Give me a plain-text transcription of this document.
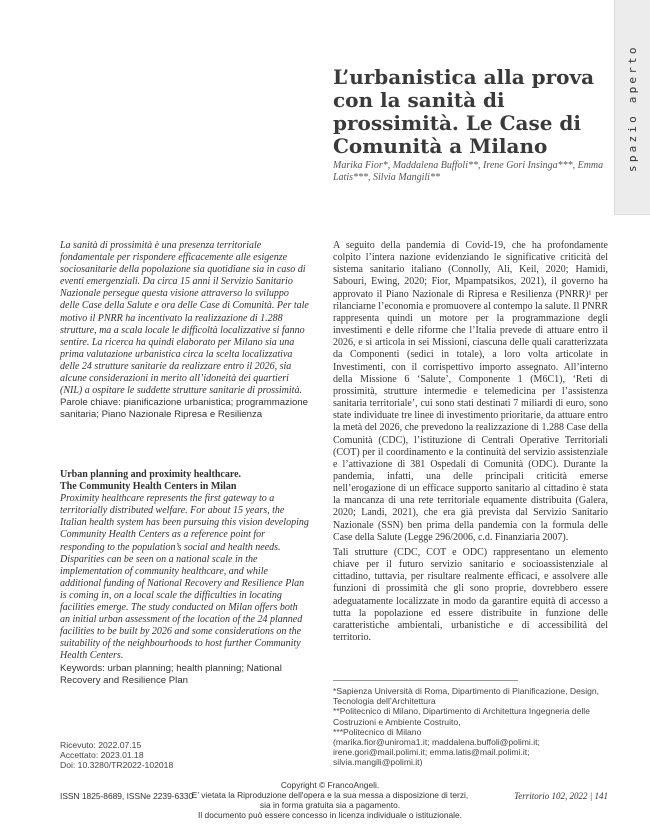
spazio aperto
L’urbanistica alla prova con la sanità di prossimità. Le Case di Comunità a Milano
Marika Fior*, Maddalena Buffoli**, Irene Gori Insinga***, Emma Latis***, Silvia Mangili**
La sanità di prossimità è una presenza territoriale fondamentale per rispondere efficacemente alle esigenze sociosanitarie della popolazione sia quotidiane sia in caso di eventi emergenziali. Da circa 15 anni il Servizio Sanitario Nazionale persegue questa visione attraverso lo sviluppo delle Case della Salute e ora delle Case di Comunità. Per tale motivo il PNRR ha incentivato la realizzazione di 1.288 strutture, ma a scala locale le difficoltà localizzative si fanno sentire. La ricerca ha quindi elaborato per Milano sia una prima valutazione urbanistica circa la scelta localizzativa delle 24 strutture sanitarie da realizzare entro il 2026, sia alcune considerazioni in merito all’idoneità dei quartieri (NIL) a ospitare le suddette strutture sanitarie di prossimità.
Parole chiave: pianificazione urbanistica; programmazione sanitaria; Piano Nazionale Ripresa e Resilienza
Urban planning and proximity healthcare.
The Community Health Centers in Milan
Proximity healthcare represents the first gateway to a territorially distributed welfare. For about 15 years, the Italian health system has been pursuing this vision developing Community Health Centers as a reference point for responding to the population’s social and health needs. Disparities can be seen on a national scale in the implementation of community healthcare, and while additional funding of National Recovery and Resilience Plan is coming in, on a local scale the difficulties in locating facilities emerge. The study conducted on Milan offers both an initial urban assessment of the location of the 24 planned facilities to be built by 2026 and some considerations on the suitability of the neighbourhoods to host further Community Health Centers.
Keywords: urban planning; health planning; National Recovery and Resilience Plan
Ricevuto: 2022.07.15
Accettato: 2023.01.18
Doi: 10.3280/TR2022-102018

A seguito della pandemia di Covid-19, che ha profondamente colpito l’intera nazione evidenziando le significative criticità del sistema sanitario italiano (Connolly, Ali, Keil, 2020; Hamidi, Sabouri, Ewing, 2020; Fior, Mpampatsikos, 2021), il governo ha approvato il Piano Nazionale di Ripresa e Resilienza (PNRR)¹ per rilanciarne l’economia e promuovere al contempo la salute. Il PNRR rappresenta quindi un motore per la programmazione degli investimenti e delle riforme che l’Italia prevede di attuare entro il 2026, e si articola in sei Missioni, ciascuna delle quali caratterizzata da Componenti (sedici in totale), a loro volta articolate in Investimenti, con il corrispettivo importo assegnato. All’interno della Missione 6 ‘Salute’, Componente 1 (M6C1), ‘Reti di prossimità, strutture intermedie e telemedicina per l’assistenza sanitaria territoriale’, cui sono stati destinati 7 miliardi di euro, sono state individuate tre linee di investimento prioritarie, da attuare entro la metà del 2026, che prevedono la realizzazione di 1.288 Case della Comunità (CDC), l’istituzione di Centrali Operative Territoriali (COT) per il coordinamento e la continuità del servizio assistenziale e l’attivazione di 381 Ospedali di Comunità (ODC). Durante la pandemia, infatti, una delle principali criticità emerse nell’erogazione di un efficace supporto sanitario al cittadino è stata la mancanza di una rete territoriale equamente distribuita (Galera, 2020; Landi, 2021), che era già prevista dal Servizio Sanitario Nazionale (SSN) ben prima della pandemia con la formula delle Case della Salute (Legge 296/2006, c.d. Finanziaria 2007).

Tali strutture (CDC, COT e ODC) rappresentano un elemento chiave per il futuro servizio sanitario e socioassistenziale al cittadino, tuttavia, per risultare realmente efficaci, e assolvere alle funzioni di prossimità che gli sono proprie, dovrebbero essere adeguatamente localizzate in modo da garantire equità di accesso a tutta la popolazione ed essere distribuite in funzione delle caratteristiche ambientali, urbanistiche e di accessibilità del territorio.

*Sapienza Università di Roma, Dipartimento di Pianificazione, Design, Tecnologia dell’Architettura
**Politecnico di Milano, Dipartimento di Architettura Ingegneria delle Costruzioni e Ambiente Costruito,
***Politecnico di Milano
(marika.fior@uniroma1.it; maddalena.buffoli@polimi.it;
irene.gori@mail.polimi.it; emma.latis@mail.polimi.it;
silvia.mangili@polimi.it)
ISSN 1825-8689, ISSNe 2239-6330
Copyright © FrancoAngeli.
E’ vietata la Riproduzione dell'opera e la sua messa a disposizione di terzi,
sia in forma gratuita sia a pagamento.
Il documento può essere concesso in licenza individuale o istituzionale.
Territorio 102, 2022 | 141
